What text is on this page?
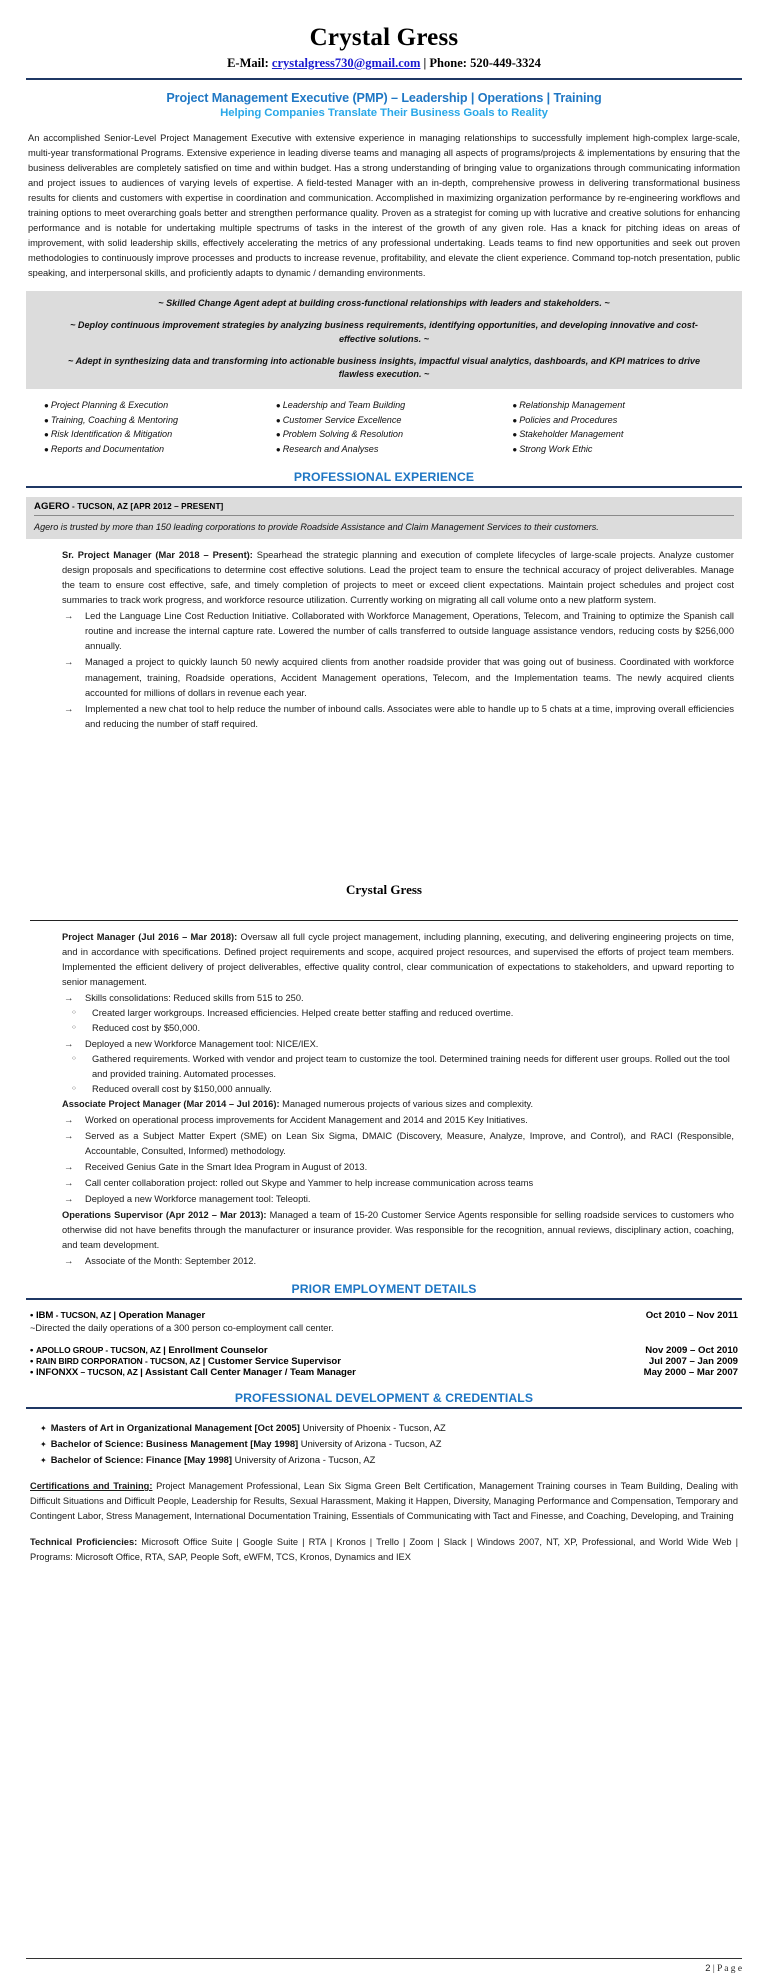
Crystal Gress
E-Mail: crystalgress730@gmail.com | Phone: 520-449-3324
Project Management Executive (PMP) – Leadership | Operations | Training
Helping Companies Translate Their Business Goals to Reality

An accomplished Senior-Level Project Management Executive with extensive experience in managing relationships to successfully implement high-complex large-scale, multi-year transformational Programs. Extensive experience in leading diverse teams and managing all aspects of programs/projects & implementations by ensuring that the business deliverables are completely satisfied on time and within budget. Has a strong understanding of bringing value to organizations through communicating information and project issues to audiences of varying levels of expertise. A field-tested Manager with an in-depth, comprehensive prowess in delivering transformational business results for clients and customers with expertise in coordination and communication. Accomplished in maximizing organization performance by re-engineering workflows and training options to meet overarching goals better and strengthen performance quality. Proven as a strategist for coming up with lucrative and creative solutions for enhancing performance and is notable for undertaking multiple spectrums of tasks in the interest of the growth of any given role. Has a knack for pitching ideas on areas of improvement, with solid leadership skills, effectively accelerating the metrics of any professional undertaking. Leads teams to find new opportunities and seek out proven methodologies to continuously improve processes and products to increase revenue, profitability, and elevate the client experience. Command top-notch presentation, public speaking, and interpersonal skills, and proficiently adapts to dynamic / demanding environments.

~ Skilled Change Agent adept at building cross-functional relationships with leaders and stakeholders. ~

~ Deploy continuous improvement strategies by analyzing business requirements, identifying opportunities, and developing innovative and cost-effective solutions. ~

~ Adept in synthesizing data and transforming into actionable business insights, impactful visual analytics, dashboards, and KPI matrices to drive flawless execution. ~

● Project Planning & Execution
● Training, Coaching & Mentoring
● Risk Identification & Mitigation
● Reports and Documentation
● Leadership and Team Building
● Customer Service Excellence
● Problem Solving & Resolution
● Research and Analyses
● Relationship Management
● Policies and Procedures
● Stakeholder Management
● Strong Work Ethic
PROFESSIONAL EXPERIENCE
AGERO - TUCSON, AZ [APR 2012 – PRESENT]
Agero is trusted by more than 150 leading corporations to provide Roadside Assistance and Claim Management Services to their customers.

Sr. Project Manager (Mar 2018 – Present): Spearhead the strategic planning and execution of complete lifecycles of large-scale projects. Analyze customer design proposals and specifications to determine cost effective solutions. Lead the project team to ensure the technical accuracy of project deliverables. Manage the team to ensure cost effective, safe, and timely completion of projects to meet or exceed client expectations. Maintain project schedules and project cost summaries to track work progress, and workforce resource utilization. Currently working on migrating all call volume onto a new platform system.

→ Led the Language Line Cost Reduction Initiative. Collaborated with Workforce Management, Operations, Telecom, and Training to optimize the Spanish call routine and increase the internal capture rate. Lowered the number of calls transferred to outside language assistance vendors, reducing costs by $256,000 annually.
→ Managed a project to quickly launch 50 newly acquired clients from another roadside provider that was going out of business. Coordinated with workforce management, training, Roadside operations, Accident Management operations, Telecom, and the Implementation teams. The newly acquired clients accounted for millions of dollars in revenue each year.
→ Implemented a new chat tool to help reduce the number of inbound calls. Associates were able to handle up to 5 chats at a time, improving overall efficiencies and reducing the number of staff required.
Crystal Gress

Project Manager (Jul 2016 – Mar 2018): Oversaw all full cycle project management, including planning, executing, and delivering engineering projects on time, and in accordance with specifications. Defined project requirements and scope, acquired project resources, and supervised the efforts of project team members. Implemented the efficient delivery of project deliverables, effective quality control, clear communication of expectations to stakeholders, and upward reporting to senior management.

→ Skills consolidations: Reduced skills from 515 to 250.
○ Created larger workgroups. Increased efficiencies. Helped create better staffing and reduced overtime.
○ Reduced cost by $50,000.
→ Deployed a new Workforce Management tool: NICE/IEX.
○ Gathered requirements. Worked with vendor and project team to customize the tool. Determined training needs for different user groups. Rolled out the tool and provided training. Automated processes.
○ Reduced overall cost by $150,000 annually.

Associate Project Manager (Mar 2014 – Jul 2016): Managed numerous projects of various sizes and complexity.

→ Worked on operational process improvements for Accident Management and 2014 and 2015 Key Initiatives.
→ Served as a Subject Matter Expert (SME) on Lean Six Sigma, DMAIC (Discovery, Measure, Analyze, Improve, and Control), and RACI (Responsible, Accountable, Consulted, Informed) methodology.
→ Received Genius Gate in the Smart Idea Program in August of 2013.
→ Call center collaboration project: rolled out Skype and Yammer to help increase communication across teams
→ Deployed a new Workforce management tool: Teleopti.

Operations Supervisor (Apr 2012 – Mar 2013): Managed a team of 15-20 Customer Service Agents responsible for selling roadside services to customers who otherwise did not have benefits through the manufacturer or insurance provider. Was responsible for the recognition, annual reviews, disciplinary action, coaching, and team development.

→ Associate of the Month: September 2012.
PRIOR EMPLOYMENT DETAILS
• IBM - TUCSON, AZ | Operation Manager	Oct 2010 – Nov 2011
~Directed the daily operations of a 300 person co-employment call center.
• APOLLO GROUP - TUCSON, AZ | Enrollment Counselor	Nov 2009 – Oct 2010
• RAIN BIRD CORPORATION - TUCSON, AZ | Customer Service Supervisor	Jul 2007 – Jan 2009
• INFONXX – TUCSON, AZ | Assistant Call Center Manager / Team Manager	May 2000 – Mar 2007
PROFESSIONAL DEVELOPMENT & CREDENTIALS
✦ Masters of Art in Organizational Management [Oct 2005] University of Phoenix - Tucson, AZ
✦ Bachelor of Science: Business Management [May 1998] University of Arizona - Tucson, AZ
✦ Bachelor of Science: Finance [May 1998] University of Arizona - Tucson, AZ
Certifications and Training: Project Management Professional, Lean Six Sigma Green Belt Certification, Management Training courses in Team Building, Dealing with Difficult Situations and Difficult People, Leadership for Results, Sexual Harassment, Making it Happen, Diversity, Managing Performance and Compensation, Temporary and Contingent Labor, Stress Management, International Documentation Training, Essentials of Communicating with Tact and Finesse, and Coaching, Developing, and Training
Technical Proficiencies: Microsoft Office Suite | Google Suite | RTA | Kronos | Trello | Zoom | Slack | Windows 2007, NT, XP, Professional, and World Wide Web | Programs: Microsoft Office, RTA, SAP, People Soft, eWFM, TCS, Kronos, Dynamics and IEX
2 | P a g e
